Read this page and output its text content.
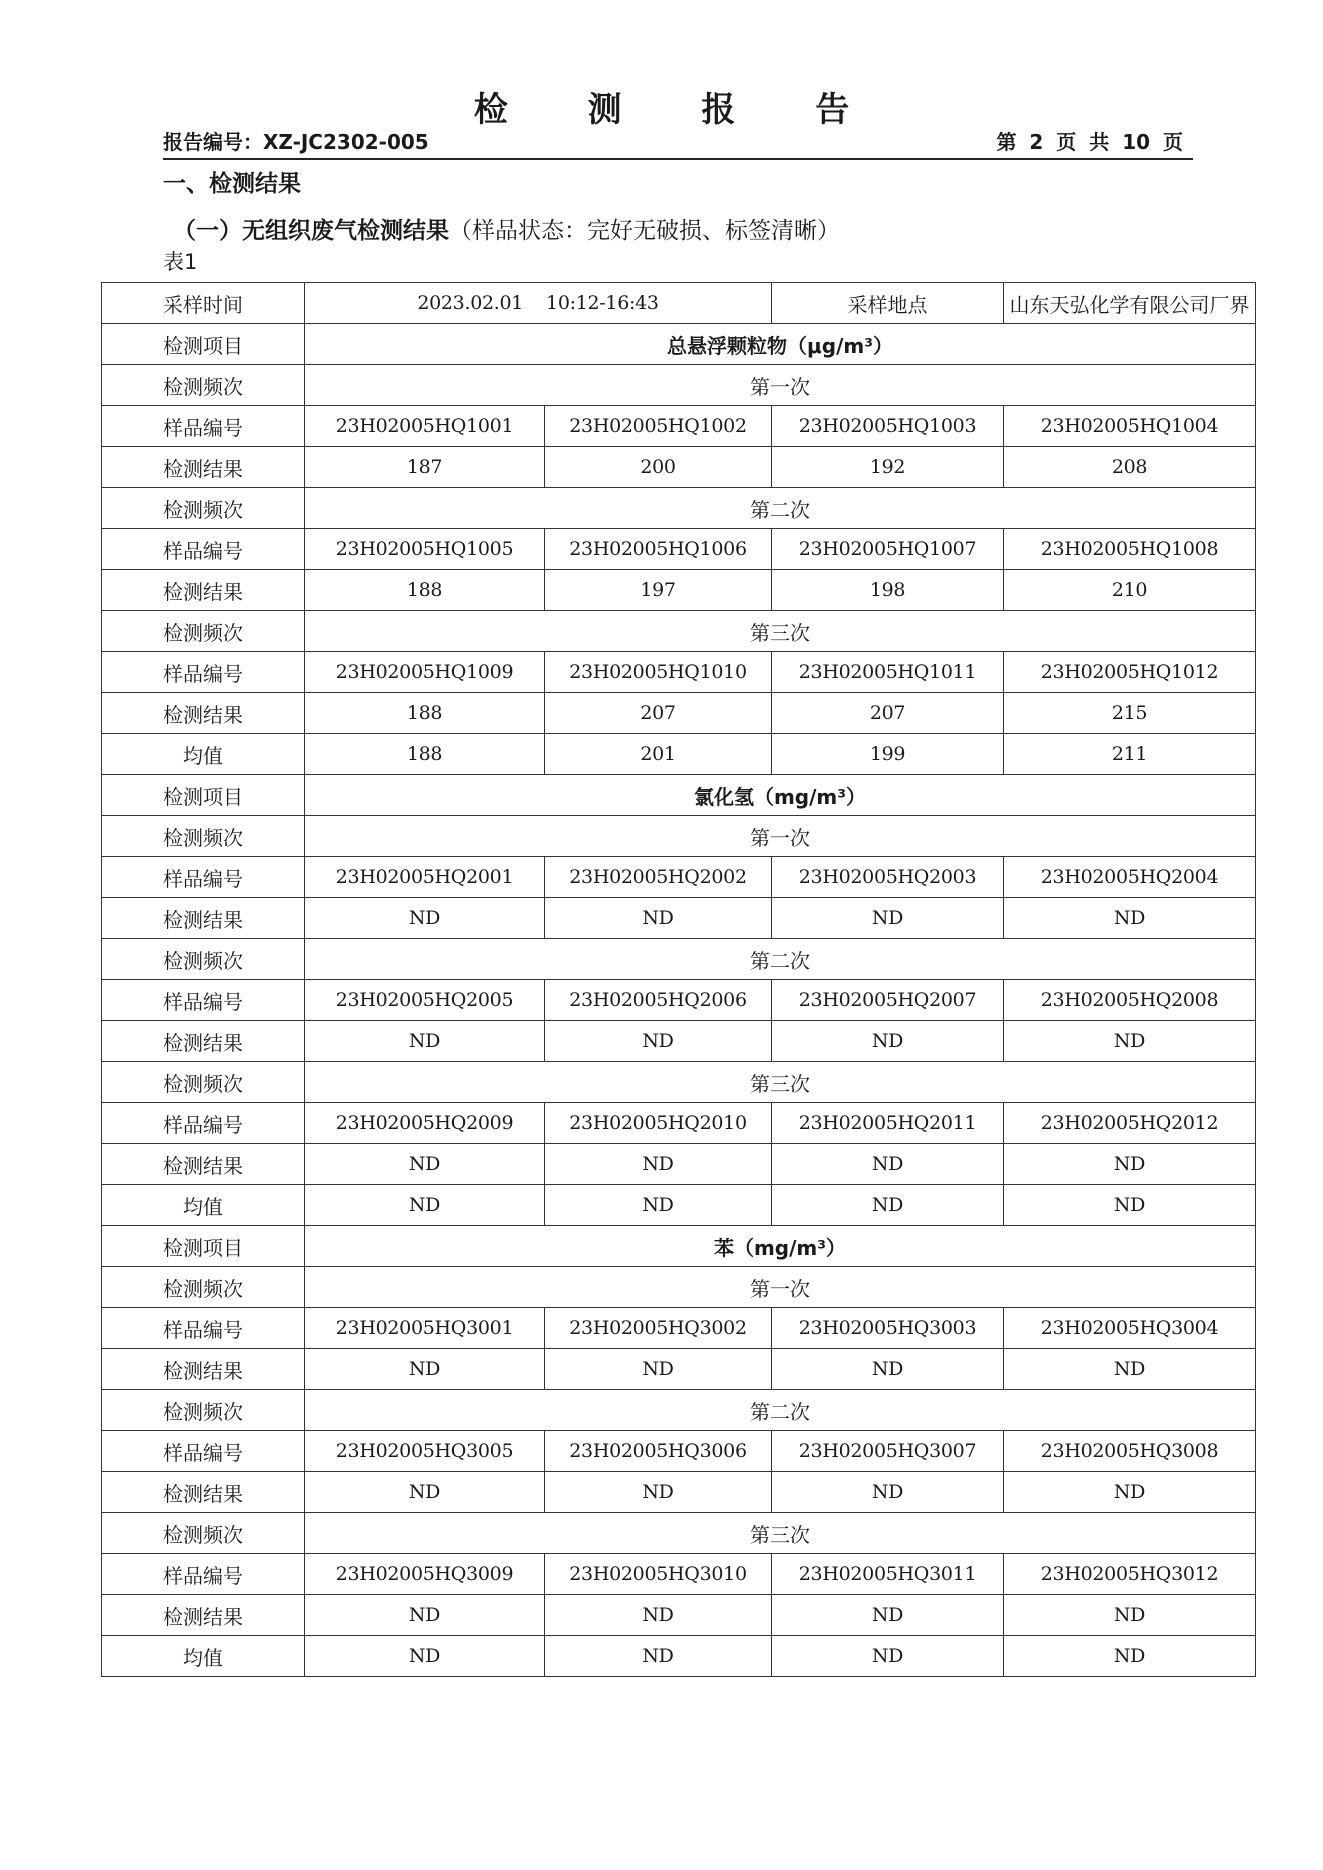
检 测 报 告
报告编号：XZ-JC2302-005	第 2 页 共 10 页
一、检测结果
（一）无组织废气检测结果（样品状态：完好无破损、标签清晰）
表1
采样时间	2023.02.01    10:12-16:43		采样地点	山东天弘化学有限公司厂界
检测项目	总悬浮颗粒物（μg/m³）			
检测频次	第一次			
样品编号	23H02005HQ1001	23H02005HQ1002	23H02005HQ1003	23H02005HQ1004
检测结果	187	200	192	208
检测频次	第二次			
样品编号	23H02005HQ1005	23H02005HQ1006	23H02005HQ1007	23H02005HQ1008
检测结果	188	197	198	210
检测频次	第三次			
样品编号	23H02005HQ1009	23H02005HQ1010	23H02005HQ1011	23H02005HQ1012
检测结果	188	207	207	215
均值	188	201	199	211
检测项目	氯化氢（mg/m³）			
检测频次	第一次			
样品编号	23H02005HQ2001	23H02005HQ2002	23H02005HQ2003	23H02005HQ2004
检测结果	ND	ND	ND	ND
检测频次	第二次			
样品编号	23H02005HQ2005	23H02005HQ2006	23H02005HQ2007	23H02005HQ2008
检测结果	ND	ND	ND	ND
检测频次	第三次			
样品编号	23H02005HQ2009	23H02005HQ2010	23H02005HQ2011	23H02005HQ2012
检测结果	ND	ND	ND	ND
均值	ND	ND	ND	ND
检测项目	苯（mg/m³）			
检测频次	第一次			
样品编号	23H02005HQ3001	23H02005HQ3002	23H02005HQ3003	23H02005HQ3004
检测结果	ND	ND	ND	ND
检测频次	第二次			
样品编号	23H02005HQ3005	23H02005HQ3006	23H02005HQ3007	23H02005HQ3008
检测结果	ND	ND	ND	ND
检测频次	第三次			
样品编号	23H02005HQ3009	23H02005HQ3010	23H02005HQ3011	23H02005HQ3012
检测结果	ND	ND	ND	ND
均值	ND	ND	ND	ND
